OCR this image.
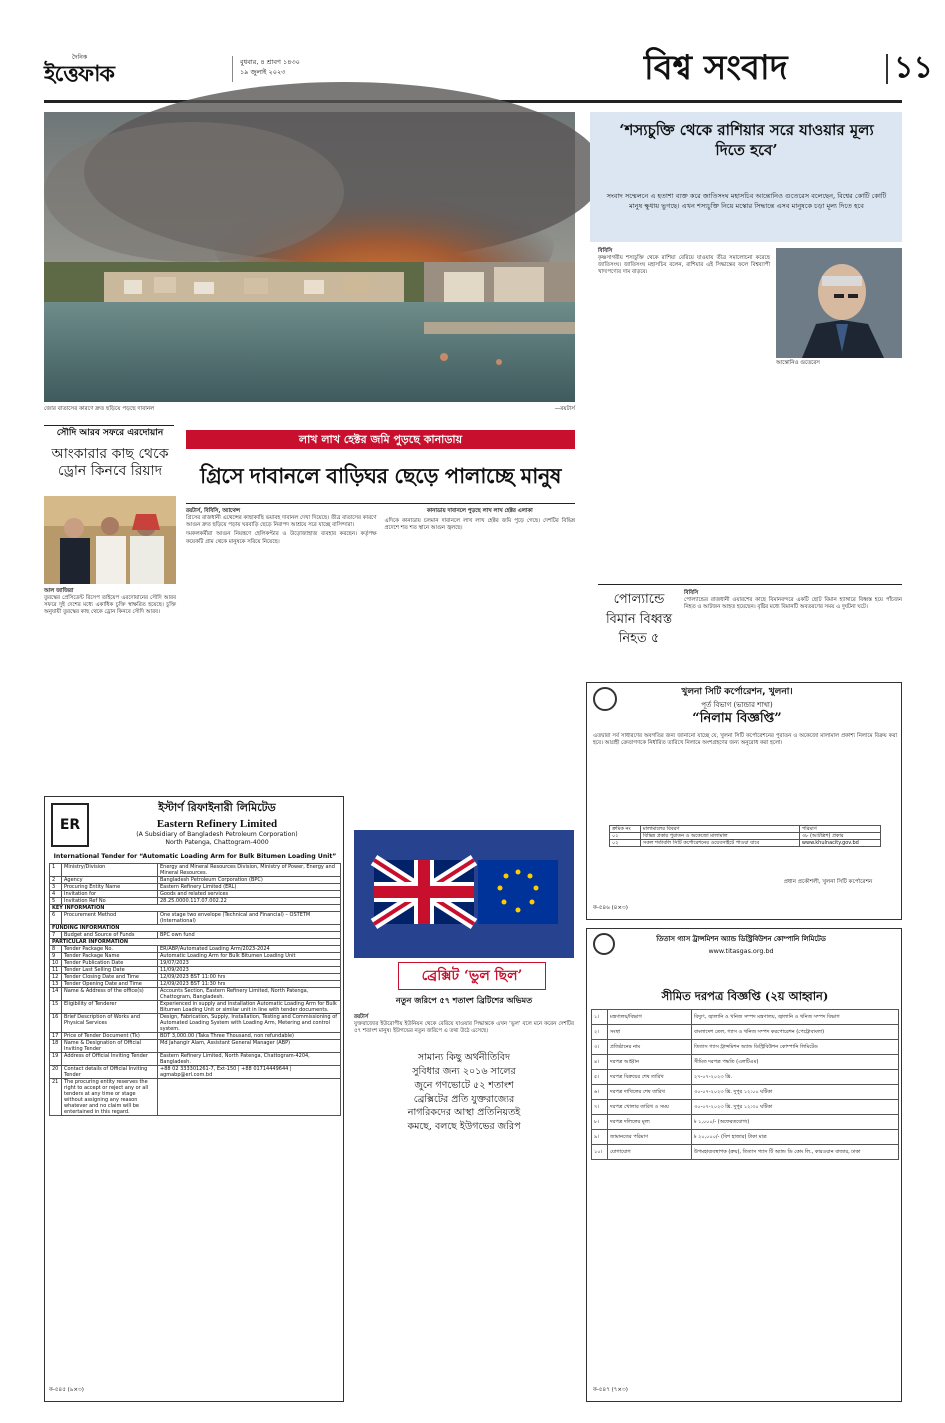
দৈনিক
ইত্তেফাক	বুধবার, ৪ শ্রাবণ ১৪৩০
১৯ জুলাই ২০২৩	বিশ্ব সংবাদ	১১
জোর বাতাসের কারণে দ্রুত ছড়িয়ে পড়ছে দাবানল	—রয়টার্স
সৌদি আরব সফরে এরদোয়ান
আংকারার কাছ থেকে ড্রোন কিনবে রিয়াদ
আল জাজিরা

তুরস্কের প্রেসিডেন্ট রিসেপ তাইয়েপ এরদোয়ানের সৌদি আরব সফরে দুই দেশের মধ্যে একাধিক চুক্তি স্বাক্ষরিত হয়েছে। চুক্তি অনুযায়ী তুরস্কের কাছ থেকে ড্রোন কিনবে সৌদি আরব।

লাখ লাখ হেক্টর জমি পুড়ছে কানাডায়
গ্রিসে দাবানলে বাড়িঘর ছেড়ে পালাচ্ছে মানুষ
রয়টার্স, বিবিসি, অ্যাথেন্স

গ্রিসের রাজধানী এথেন্সের কাছাকাছি ভয়াবহ দাবানল দেখা দিয়েছে। তীব্র বাতাসের কারণে আগুন দ্রুত ছড়িয়ে পড়ায় ঘরবাড়ি ছেড়ে নিরাপদ আশ্রয়ে সরে যাচ্ছে বাসিন্দারা।

দমকলকর্মীরা আগুন নিয়ন্ত্রণে হেলিকপ্টার ও উড়োজাহাজ ব্যবহার করছেন। কর্তৃপক্ষ কয়েকটি গ্রাম থেকে মানুষকে সরিয়ে নিয়েছে।

কানাডায় দাবানলে পুড়ছে লাখ লাখ হেক্টর এলাকা

এদিকে কানাডায় চলমান দাবানলে লাখ লাখ হেক্টর জমি পুড়ে গেছে। দেশটির বিভিন্ন প্রদেশে শত শত স্থানে আগুন জ্বলছে।

‘শস্যচুক্তি থেকে রাশিয়ার সরে যাওয়ার মূল্য দিতে হবে’
সংবাদ সম্মেলনে এ হতাশা ব্যক্ত করে জাতিসংঘ মহাসচিব আন্তোনিও গুতেরেস বলেছেন, বিশ্বের কোটি কোটি মানুষ ক্ষুধায় ভুগছে। এখন শস্যচুক্তি নিয়ে মস্কোর সিদ্ধান্তে এসব মানুষকে চড়া মূল্য দিতে হবে
বিবিসি

কৃষ্ণসাগরীয় শস্যচুক্তি থেকে রাশিয়া বেরিয়ে যাওয়ায় তীব্র সমালোচনা করেছে জাতিসংঘ। জাতিসংঘ মহাসচিব বলেন, রাশিয়ার এই সিদ্ধান্তের ফলে বিশ্বব্যাপী খাদ্যপণ্যের দাম বাড়বে।

আন্তোনিও গুতেরেস
পোল্যান্ডে বিমান বিধ্বস্ত নিহত ৫
বিবিসি

পোল্যান্ডের রাজধানী ওয়ারশের কাছে বিমানবন্দরে একটি ছোট বিমান হ্যাঙ্গারে বিধ্বস্ত হয়ে পাঁচজন নিহত ও আটজন আহত হয়েছেন। বৃষ্টির মধ্যে বিমানটি অবতরণের সময় এ দুর্ঘটনা ঘটে।

খুলনা সিটি কর্পোরেশন, খুলনা।
পূর্ত বিভাগ (ভান্ডার শাখা)
“নিলাম বিজ্ঞপ্তি”
এতদ্বারা সর্ব সাধারণের অবগতির জন্য জানানো যাচ্ছে যে, খুলনা সিটি কর্পোরেশনের পুরাতন ও অকেজো মালামাল প্রকাশ্য নিলামে বিক্রয় করা হবে। আগ্রহী ক্রেতাগণকে নির্ধারিত তারিখে নিলামে অংশগ্রহণের জন্য অনুরোধ করা হলো।
ক্রমিক নং	মালামালের বিবরণ	পরিমাণ
০১	বিভিন্ন প্রকার পুরাতন ও অকেজো মালামাল	৩৮ (আটত্রিশ) প্রকার
০২	সকল শর্তাবলি সিটি কর্পোরেশনের ওয়েবসাইটে পাওয়া যাবে	www.khulnacity.gov.bd
প্রধান প্রকৌশলী, খুলনা সিটি কর্পোরেশন
ক-৫৪৬ (৪×৩)
তিতাস গ্যাস ট্রান্সমিশন অ্যান্ড ডিস্ট্রিবিউশন কোম্পানি লিমিটেড
www.titasgas.org.bd
সীমিত দরপত্র বিজ্ঞপ্তি (২য় আহ্বান)
১।	মন্ত্রণালয়/বিভাগ	বিদ্যুৎ, জ্বালানি ও খনিজ সম্পদ মন্ত্রণালয়, জ্বালানি ও খনিজ সম্পদ বিভাগ
২।	সংস্থা	বাংলাদেশ তেল, গ্যাস ও খনিজ সম্পদ করপোরেশন (পেট্রোবাংলা)
৩।	প্রতিষ্ঠানের নাম	তিতাস গ্যাস ট্রান্সমিশন অ্যান্ড ডিস্ট্রিবিউশন কোম্পানি লিমিটেড
৪।	দরপত্র আহ্বান	সীমিত দরপত্র পদ্ধতি (এলটিএম)
৫।	দরপত্র বিক্রয়ের শেষ তারিখ	২৭-০৭-২০২৩ খ্রি.
৬।	দরপত্র দাখিলের শেষ তারিখ	৩০-০৭-২০২৩ খ্রি. দুপুর ১২:০০ ঘটিকা
৭।	দরপত্র খোলার তারিখ ও সময়	৩০-০৭-২০২৩ খ্রি. দুপুর ১২:৩০ ঘটিকা
৮।	দরপত্র দলিলের মূল্য	৳ ১,০০০/- (অফেরতযোগ্য)
৯।	জামানতের পরিমাণ	৳ ২০,০০০/- (বিশ হাজার) টাকা মাত্র
১০।	যোগাযোগ	উপমহাব্যবস্থাপক (ক্রয়), তিতাস গ্যাস টি অ্যান্ড ডি কোং লি., কারওয়ান বাজার, ঢাকা
ক-৫৪৭ (৭×৩)
ER
ইস্টার্ণ রিফাইনারী লিমিটেড
Eastern Refinery Limited
(A Subsidiary of Bangladesh Petroleum Corporation)
North Patenga, Chattogram-4000
International Tender for “Automatic Loading Arm for Bulk Bitumen Loading Unit”
1	Ministry/Division	Energy and Mineral Resources Division, Ministry of Power, Energy and Mineral Resources.
2	Agency	Bangladesh Petroleum Corporation (BPC)
3	Procuring Entity Name	Eastern Refinery Limited (ERL)
4	Invitation for	Goods and related services
5	Invitation Ref No	28.25.0000.117.07.002.22
KEY INFORMATION		
6	Procurement Method	One stage two envelope (Technical and Financial) – OSTETM (International)
FUNDING INFORMATION		
7	Budget and Source of Funds	BPC own fund
PARTICULAR INFORMATION		
8	Tender Package No.	ER/ABP/Automated Loading Arm/2023-2024
9	Tender Package Name	Automatic Loading Arm for Bulk Bitumen Loading Unit
10	Tender Publication Date	19/07/2023
11	Tender Last Selling Date	11/09/2023
12	Tender Closing Date and Time	12/09/2023 BST 11:00 hrs
13	Tender Opening Date and Time	12/09/2023 BST 11:30 hrs
14	Name & Address of the office(s)	Accounts Section, Eastern Refinery Limited, North Patenga, Chattogram, Bangladesh.
15	Eligibility of Tenderer	Experienced in supply and installation Automatic Loading Arm for Bulk Bitumen Loading Unit or similar unit in line with tender documents.
16	Brief Description of Works and Physical Services	Design, Fabrication, Supply, Installation, Testing and Commissioning of Automated Loading System with Loading Arm, Metering and control system.
17	Price of Tender Document (Tk)	BDT 3,000.00 (Taka Three Thousand, non refundable)
18	Name & Designation of Official Inviting Tender	Md Jahangir Alam, Assistant General Manager (ABP)
19	Address of Official Inviting Tender	Eastern Refinery Limited, North Patenga, Chattogram-4204, Bangladesh.
20	Contact details of Official Inviting Tender	+88 02 333301261-7, Ext-150 | +88 01714449644 | agmabp@erl.com.bd
21	The procuring entity reserves the right to accept or reject any or all tenders at any time or stage without assigning any reason whatever and no claim will be entertained in this regard.	
ক-৫৪৫ (৯×৩)
ব্রেক্সিট ‘ভুল ছিল’
নতুন জরিপে ৫৭ শতাংশ ব্রিটিশের অভিমত
রয়টার্স

যুক্তরাজ্যের ইউরোপীয় ইউনিয়ন থেকে বেরিয়ে যাওয়ার সিদ্ধান্তকে এখন ‘ভুল’ বলে মনে করেন দেশটির ৫৭ শতাংশ মানুষ। ইউগভের নতুন জরিপে এ তথ্য উঠে এসেছে।

সামান্য কিছু অর্থনীতিবিদ সুবিধার জন্য ২০১৬ সালের জুনে গণভোটে ৫২ শতাংশ ব্রেক্সিটের প্রতি যুক্তরাজ্যের নাগরিকদের আস্থা প্রতিনিয়তই কমছে, বলছে ইউগভের জরিপ
